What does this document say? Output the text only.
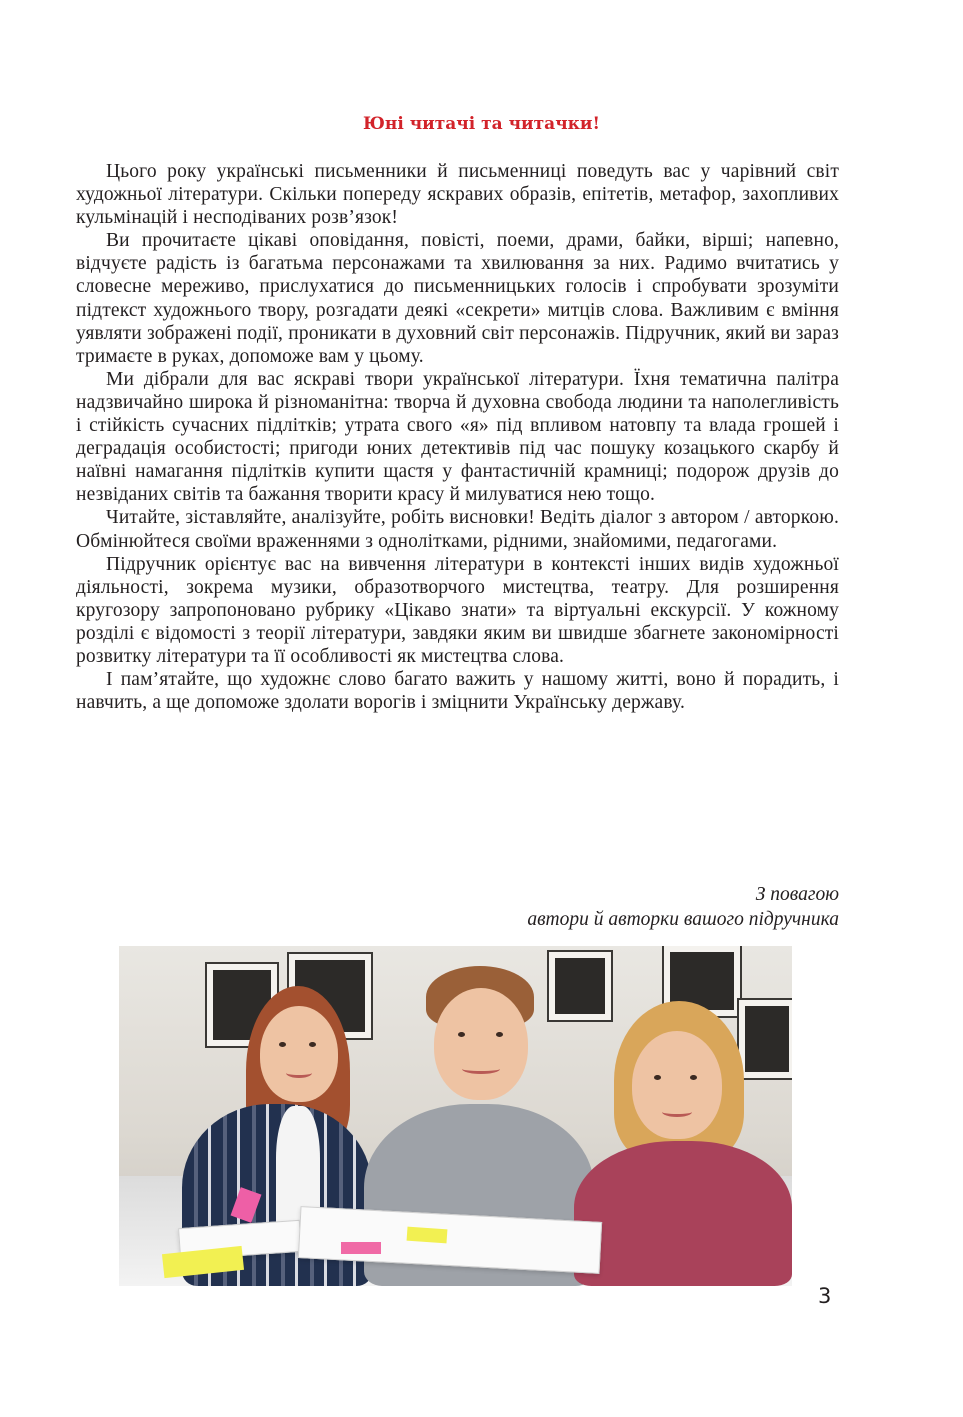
Юні читачі та читачки!

Цього року українські письменники й письменниці поведуть вас у чарівний світ художньої літератури. Скільки попереду яскравих образів, епітетів, метафор, захопливих кульмінацій і несподіваних розв’язок!

Ви прочитаєте цікаві оповідання, повісті, поеми, драми, байки, вірші; напевно, відчуєте радість із багатьма персонажами та хвилювання за них. Радимо вчитатись у словесне мереживо, прислухатися до письменницьких голосів і спробувати зрозуміти підтекст художнього твору, розгадати деякі «секрети» митців слова. Важливим є вміння уявляти зображені події, проникати в духовний світ персонажів. Підручник, який ви зараз тримаєте в руках, допоможе вам у цьому.

Ми дібрали для вас яскраві твори української літератури. Їхня тематична палітра надзвичайно широка й різноманітна: творча й духовна свобода людини та наполегливість і стійкість сучасних підлітків; утрата свого «я» під впливом натовпу та влада грошей і деградація особистості; пригоди юних детективів під час пошуку козацького скарбу й наївні намагання підлітків купити щастя у фантастичній крамниці; подорож друзів до незвіданих світів та бажання творити красу й милуватися нею тощо.

Читайте, зіставляйте, аналізуйте, робіть висновки! Ведіть діалог з автором / авторкою. Обмінюйтеся своїми враженнями з однолітками, рідними, знайомими, педагогами.

Підручник орієнтує вас на вивчення літератури в контексті інших видів художньої діяльності, зокрема музики, образотворчого мистецтва, театру. Для розширення кругозору запропоновано рубрику «Цікаво знати» та віртуальні екскурсії. У кожному розділі є відомості з теорії літератури, завдяки яким ви швидше збагнете закономірності розвитку літератури та її особливості як мистецтва слова.

І пам’ятайте, що художнє слово багато важить у нашому житті, воно й порадить, і навчить, а ще допоможе здолати ворогів і зміцнити Українську державу.

З повагою
автори й авторки вашого підручника
3
